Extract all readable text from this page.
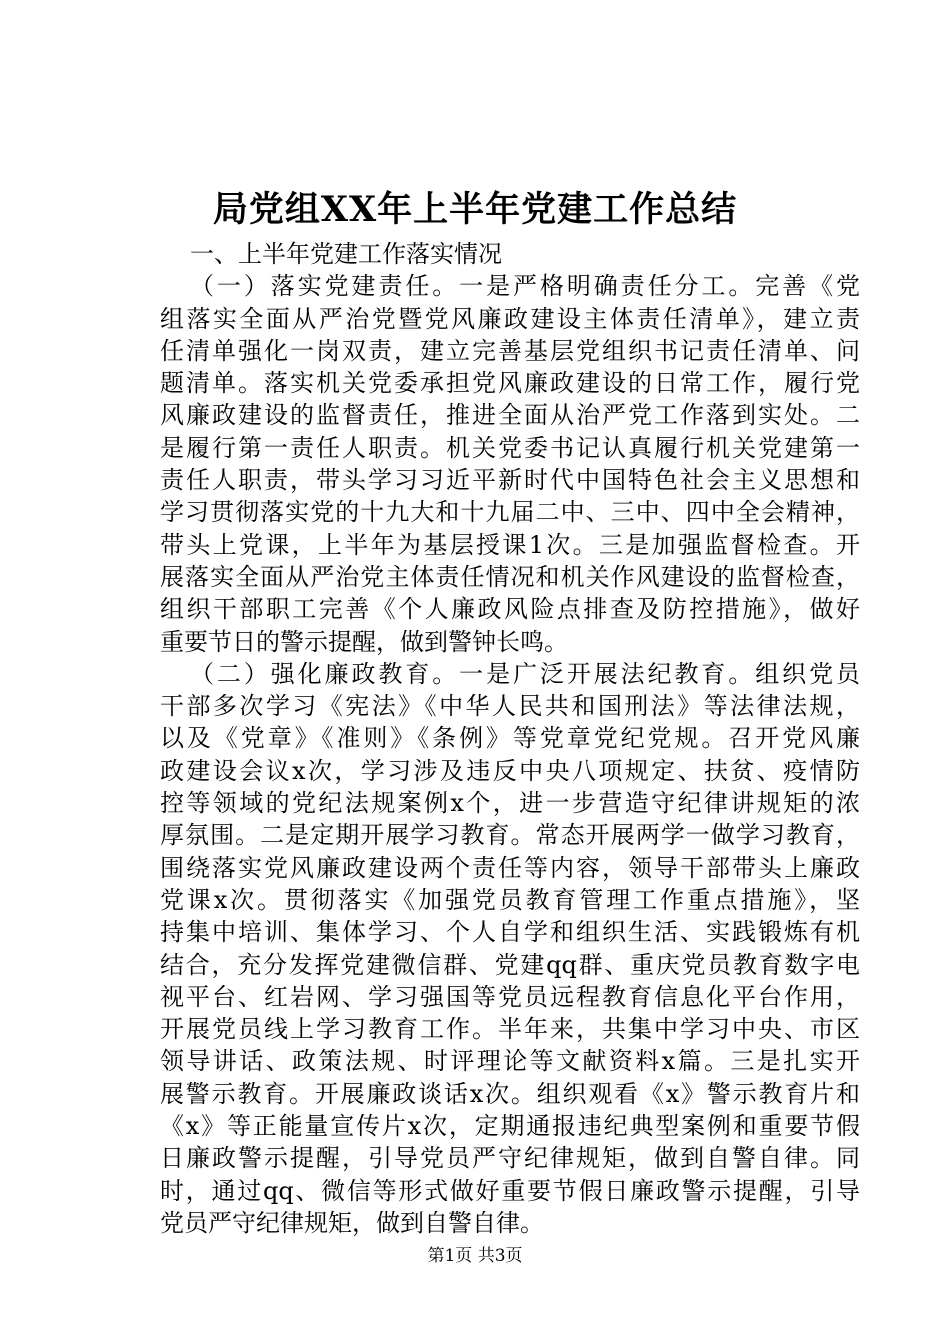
局党组XX年上半年党建工作总结
一、上半年党建工作落实情况
（一）落实党建责任。一是严格明确责任分工。完善《党
组落实全面从严治党暨党风廉政建设主体责任清单》，建立责
任清单强化一岗双责，建立完善基层党组织书记责任清单、问
题清单。落实机关党委承担党风廉政建设的日常工作，履行党
风廉政建设的监督责任，推进全面从治严党工作落到实处。二
是履行第一责任人职责。机关党委书记认真履行机关党建第一
责任人职责，带头学习习近平新时代中国特色社会主义思想和
学习贯彻落实党的十九大和十九届二中、三中、四中全会精神，
带头上党课，上半年为基层授课1次。三是加强监督检查。开
展落实全面从严治党主体责任情况和机关作风建设的监督检查，
组织干部职工完善《个人廉政风险点排查及防控措施》，做好
重要节日的警示提醒，做到警钟长鸣。
（二）强化廉政教育。一是广泛开展法纪教育。组织党员
干部多次学习《宪法》《中华人民共和国刑法》等法律法规，
以及《党章》《准则》《条例》等党章党纪党规。召开党风廉
政建设会议x次，学习涉及违反中央八项规定、扶贫、疫情防
控等领域的党纪法规案例x个，进一步营造守纪律讲规矩的浓
厚氛围。二是定期开展学习教育。常态开展两学一做学习教育，
围绕落实党风廉政建设两个责任等内容，领导干部带头上廉政
党课x次。贯彻落实《加强党员教育管理工作重点措施》，坚
持集中培训、集体学习、个人自学和组织生活、实践锻炼有机
结合，充分发挥党建微信群、党建qq群、重庆党员教育数字电
视平台、红岩网、学习强国等党员远程教育信息化平台作用，
开展党员线上学习教育工作。半年来，共集中学习中央、市区
领导讲话、政策法规、时评理论等文献资料x篇。三是扎实开
展警示教育。开展廉政谈话x次。组织观看《x》警示教育片和
《x》等正能量宣传片x次，定期通报违纪典型案例和重要节假
日廉政警示提醒，引导党员严守纪律规矩，做到自警自律。同
时，通过qq、微信等形式做好重要节假日廉政警示提醒，引导
党员严守纪律规矩，做到自警自律。
第1页 共3页
